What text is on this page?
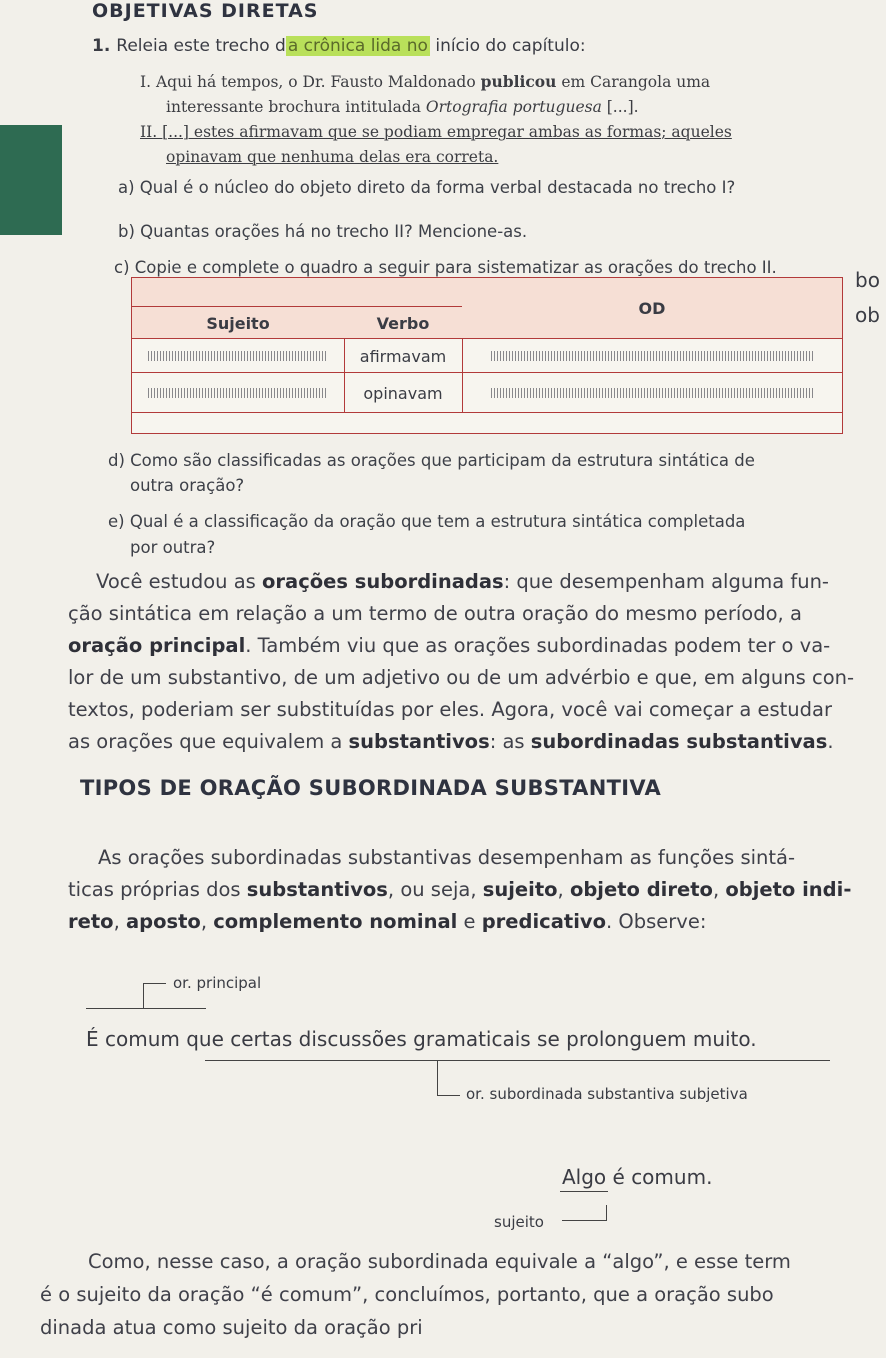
OBJETIVAS DIRETAS
1. Releia este trecho d a crônica lida no início do capítulo:
I. Aqui há tempos, o Dr. Fausto Maldonado publicou em Carangola uma
interessante brochura intitulada Ortografia portuguesa [...].
II. [...] estes afirmavam que se podiam empregar ambas as formas; aqueles
opinavam que nenhuma delas era correta.
a) Qual é o núcleo do objeto direto da forma verbal destacada no trecho I?
b) Quantas orações há no trecho II? Mencione-as.
c) Copie e complete o quadro a seguir para sistematizar as orações do trecho II.
bo
ob
Sujeito	Verbo
OD
afirmavam
opinavam
d) Como são classificadas as orações que participam da estrutura sintática de
outra oração?
e) Qual é a classificação da oração que tem a estrutura sintática completada
por outra?
Você estudou as orações subordinadas: que desempenham alguma fun-
ção sintática em relação a um termo de outra oração do mesmo período, a
oração principal. Também viu que as orações subordinadas podem ter o va-
lor de um substantivo, de um adjetivo ou de um advérbio e que, em alguns con-
textos, poderiam ser substituídas por eles. Agora, você vai começar a estudar
as orações que equivalem a substantivos: as subordinadas substantivas.
TIPOS DE ORAÇÃO SUBORDINADA SUBSTANTIVA
As orações subordinadas substantivas desempenham as funções sintá-
ticas próprias dos substantivos, ou seja, sujeito, objeto direto, objeto indi-
reto, aposto, complemento nominal e predicativo. Observe:
or. principal
É comum que certas discussões gramaticais se prolonguem muito.
or. subordinada substantiva subjetiva
Algo é comum.
sujeito
Como, nesse caso, a oração subordinada equivale a “algo”, e esse term
é o sujeito da oração “é comum”, concluímos, portanto, que a oração subo
dinada atua como sujeito da oração pri
